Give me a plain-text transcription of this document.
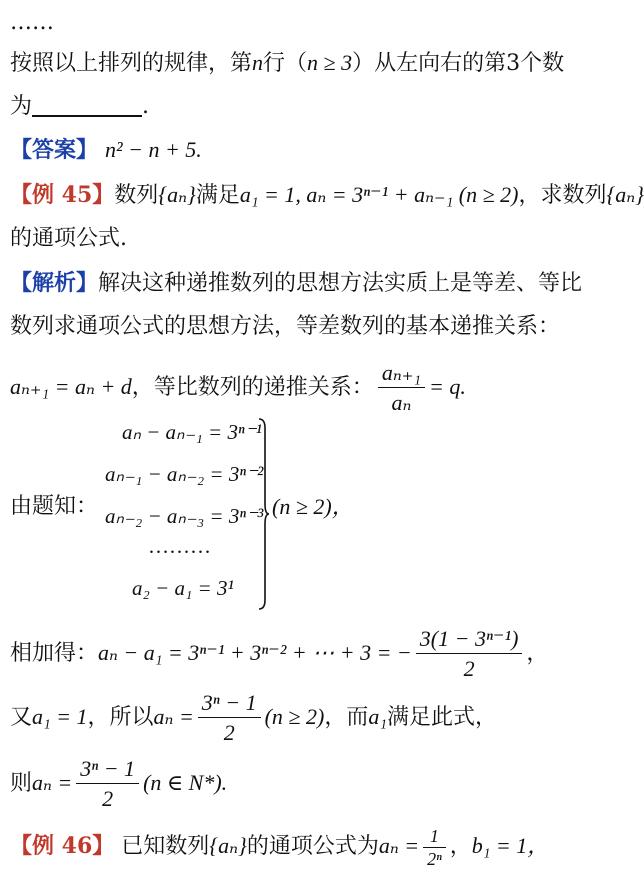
……
按照以上排列的规律，第n行（n ≥ 3）从左向右的第3个数
为	.
【答案】 n² − n + 5.
【例 45】数列{aₙ}满足a₁ = 1, aₙ = 3ⁿ⁻¹ + aₙ₋₁ (n ≥ 2)，求数列{aₙ}
的通项公式.
【解析】解决这种递推数列的思想方法实质上是等差、等比
数列求通项公式的思想方法，等差数列的基本递推关系：
aₙ₊₁ = aₙ + d，等比数列的递推关系： $\frac{\text{aₙ₊₁}}{\text{aₙ}} = q$.
由题知：
aₙ − aₙ₋₁ = 3ⁿ⁻¹
aₙ₋₁ − aₙ₋₂ = 3ⁿ⁻²
aₙ₋₂ − aₙ₋₃ = 3ⁿ⁻³
………
a₂ − a₁ = 3¹
(n ≥ 2)，
相加得：aₙ − a₁ = 3ⁿ⁻¹ + 3ⁿ⁻² + ⋯ + 3 = − $\frac{\text{3(1 − 3ⁿ⁻¹)}}{2}$ ，
又a₁ = 1，所以$a_n = \frac{\text{3ⁿ − 1}}{2} (n \ge 2)$，而a₁满足此式，
则$a_n = \frac{\text{3ⁿ − 1}}{2} (n$ ∈ N*).
【例 46】 已知数列{aₙ}的通项公式为$a_n = \frac{1}{\text{2ⁿ}}$ ，b₁ = 1，
